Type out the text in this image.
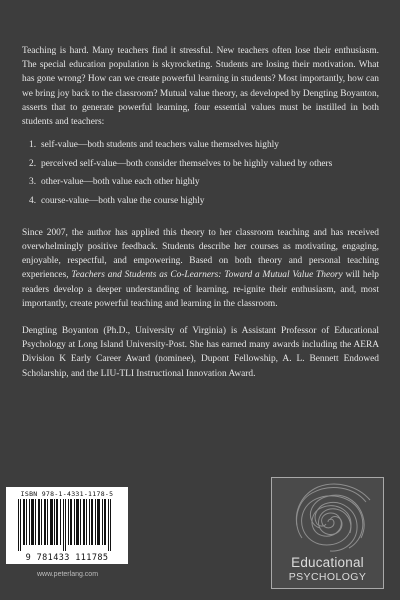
Teaching is hard. Many teachers find it stressful. New teachers often lose their enthusiasm. The special education population is skyrocketing. Students are losing their motivation. What has gone wrong? How can we create powerful learning in students? Most importantly, how can we bring joy back to the classroom? Mutual value theory, as developed by Dengting Boyanton, asserts that to generate powerful learning, four essential values must be instilled in both students and teachers:

1. self-value—both students and teachers value themselves highly
2. perceived self-value—both consider themselves to be highly valued by others
3. other-value—both value each other highly
4. course-value—both value the course highly

Since 2007, the author has applied this theory to her classroom teaching and has received overwhelmingly positive feedback. Students describe her courses as motivating, engaging, enjoyable, respectful, and empowering. Based on both theory and personal teaching experiences, Teachers and Students as Co-Learners: Toward a Mutual Value Theory will help readers develop a deeper understanding of learning, re-ignite their enthusiasm, and, most importantly, create powerful teaching and learning in the classroom.

Dengting Boyanton (Ph.D., University of Virginia) is Assistant Professor of Educational Psychology at Long Island University-Post. She has earned many awards including the AERA Division K Early Career Award (nominee), Dupont Fellowship, A. L. Bennett Endowed Scholarship, and the LIU-TLI Instructional Innovation Award.

ISBN 978-1-4331-1178-5
9 781433 111785
www.peterlang.com
Educational
PSYCHOLOGY
